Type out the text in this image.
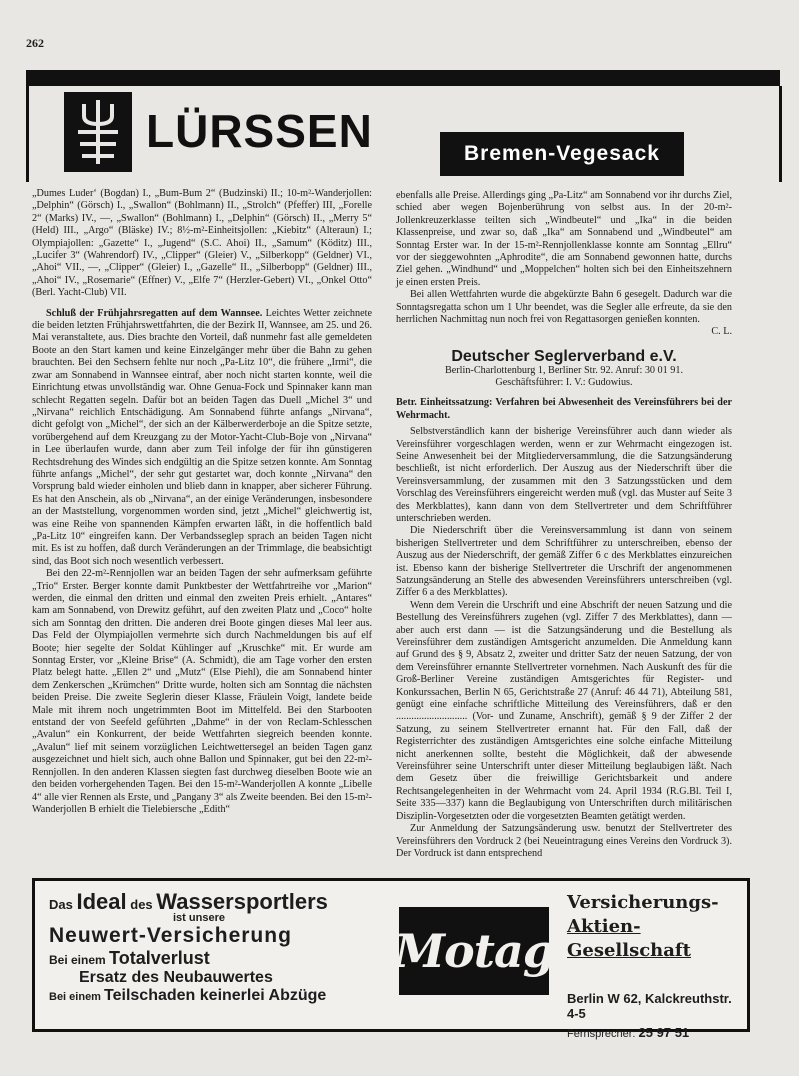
262
LÜRSSEN	Bremen-Vegesack

„Dumes Luder‘ (Bogdan) I., „Bum-Bum 2“ (Budzinski) II.; 10-m²-Wanderjollen: „Delphin“ (Görsch) I., „Swallon“ (Bohlmann) II., „Strolch“ (Pfeffer) III, „Forelle 2“ (Marks) IV., —, „Swallon“ (Bohlmann) I., „Delphin“ (Görsch) II., „Merry 5“ (Held) III., „Argo“ (Bläske) IV.; 8½-m²-Einheitsjollen: „Kiebitz“ (Alteraun) I.; Olympiajollen: „Gazette“ I., „Jugend“ (S.C. Ahoi) II., „Samum“ (Köditz) III., „Lucifer 3“ (Wahrendorf) IV., „Clipper“ (Gleier) V., „Silberkopp“ (Geldner) VI., „Ahoi“ VII., —, „Clipper“ (Gleier) I., „Gazelle“ II., „Silberbopp“ (Geldner) III., „Ahoi“ IV., „Rosemarie“ (Effner) V., „Elfe 7“ (Herzler-Gebert) VI., „Onkel Otto“ (Berl. Yacht-Club) VII.

Schluß der Frühjahrsregatten auf dem Wannsee. Leichtes Wetter zeichnete die beiden letzten Frühjahrswettfahrten, die der Bezirk II, Wannsee, am 25. und 26. Mai veranstaltete, aus. Dies brachte den Vorteil, daß nunmehr fast alle gemeldeten Boote an den Start kamen und keine Einzelgänger mehr über die Bahn zu gehen brauchten. Bei den Sechsern fehlte nur noch „Pa-Litz 10“, die frühere „Irmi“, die zwar am Sonnabend in Wannsee eintraf, aber noch nicht starten konnte, weil die Einrichtung etwas unvollständig war. Ohne Genua-Fock und Spinnaker kann man schlecht Regatten segeln. Dafür bot an beiden Tagen das Duell „Michel 3“ und „Nirvana“ reichlich Entschädigung. Am Sonnabend führte anfangs „Nirvana“, dicht gefolgt von „Michel“, der sich an der Kälberwerderboje an die Spitze setzte, vorübergehend auf dem Kreuzgang zu der Motor-Yacht-Club-Boje von „Nirvana“ in Lee überlaufen wurde, dann aber zum Teil infolge der für ihn günstigeren Rechtsdrehung des Windes sich endgültig an die Spitze setzen konnte. Am Sonntag führte anfangs „Michel“, der sehr gut gestartet war, doch konnte „Nirvana“ den Vorsprung bald wieder einholen und blieb dann in knapper, aber sicherer Führung. Es hat den Anschein, als ob „Nirvana“, an der einige Veränderungen, insbesondere an der Maststellung, vorgenommen worden sind, jetzt „Michel“ gleichwertig ist, was eine Reihe von spannenden Kämpfen erwarten läßt, in die hoffentlich bald „Pa-Litz 10“ eingreifen kann. Der Verbandsseglер sprach an beiden Tagen nicht mit. Es ist zu hoffen, daß durch Veränderungen an der Trimmlage, die beabsichtigt sind, das Boot sich noch wesentlich verbessert.

Bei den 22-m²-Rennjollen war an beiden Tagen der sehr aufmerksam geführte „Trio“ Erster. Berger konnte damit Punktbester der Wettfahrtreihe vor „Marion“ werden, die einmal den dritten und einmal den zweiten Preis erhielt. „Antares“ kam am Sonnabend, von Drewitz geführt, auf den zweiten Platz und „Coco“ holte sich am Sonntag den dritten. Die anderen drei Boote gingen dieses Mal leer aus. Das Feld der Olympiajollen vermehrte sich durch Nachmeldungen bis auf elf Boote; hier segelte der Soldat Kühlinger auf „Kruschke“ mit. Er wurde am Sonntag Erster, vor „Kleine Brise“ (A. Schmidt), die am Tage vorher den ersten Platz belegt hatte. „Ellen 2“ und „Mutz“ (Else Piehl), die am Sonnabend hinter dem Zenkerschen „Krümchen“ Dritte wurde, holten sich am Sonntag die nächsten beiden Preise. Die zweite Seglerin dieser Klasse, Fräulein Voigt, landete beide Male mit ihrem noch ungetrimmten Boot im Mittelfeld. Bei den Starbooten entstand der von Seefeld geführten „Dahme“ in der von Reclam-Schlesschen „Avalun“ ein Konkurrent, der beide Wettfahrten siegreich beenden konnte. „Avalun“ lief mit seinem vorzüglichen Leichtwettersegel an beiden Tagen ganz ausgezeichnet und hielt sich, auch ohne Ballon und Spinnaker, gut bei den 22-m²-Rennjollen. In den anderen Klassen siegten fast durchweg dieselben Boote wie an den beiden vorhergehenden Tagen. Bei den 15-m²-Wanderjollen A konnte „Libelle 4“ alle vier Rennen als Erste, und „Pangany 3“ als Zweite beenden. Bei den 15-m²-Wanderjollen B erhielt die Tielebiersche „Edith“

ebenfalls alle Preise. Allerdings ging „Pa-Litz“ am Sonnabend vor ihr durchs Ziel, schied aber wegen Bojenberührung von selbst aus. In der 20-m²-Jollenkreuzerklasse teilten sich „Windbeutel“ und „Ika“ in die beiden Klassenpreise, und zwar so, daß „Ika“ am Sonnabend und „Windbeutel“ am Sonntag Erster war. In der 15-m²-Rennjollenklasse konnte am Sonntag „Ellru“ vor der sieggewohnten „Aphrodite“, die am Sonnabend gewonnen hatte, durchs Ziel gehen. „Windhund“ und „Moppelchen“ holten sich bei den Einheitszehnern je einen ersten Preis.

Bei allen Wettfahrten wurde die abgekürzte Bahn 6 gesegelt. Dadurch war die Sonntagsregatta schon um 1 Uhr beendet, was die Segler alle erfreute, da sie den herrlichen Nachmittag nun noch frei von Regattasorgen genießen konnten.

C. L.
Deutscher Seglerverband e.V.
Berlin-Charlottenburg 1, Berliner Str. 92. Anruf: 30 01 91.
Geschäftsführer: I. V.: Gudowius.
Betr. Einheitssatzung: Verfahren bei Abwesenheit des Vereinsführers bei der Wehrmacht.

Selbstverständlich kann der bisherige Vereinsführer auch dann wieder als Vereinsführer vorgeschlagen werden, wenn er zur Wehrmacht eingezogen ist. Seine Anwesenheit bei der Mitgliederversammlung, die die Satzungsänderung beschließt, ist nicht erforderlich. Der Auszug aus der Niederschrift über die Vereinsversammlung, der zusammen mit den 3 Satzungsstücken und dem Vorschlag des Vereinsführers eingereicht werden muß (vgl. das Muster auf Seite 3 des Merkblattes), kann dann von dem Stellvertreter und dem Schriftführer unterschrieben werden.

Die Niederschrift über die Vereinsversammlung ist dann von seinem bisherigen Stellvertreter und dem Schriftführer zu unterschreiben, ebenso der Auszug aus der Niederschrift, der gemäß Ziffer 6 c des Merkblattes einzureichen ist. Ebenso kann der bisherige Stellvertreter die Urschrift der angenommenen Satzungsänderung an Stelle des abwesenden Vereinsführers unterschreiben (vgl. Ziffer 6 a des Merkblattes).

Wenn dem Verein die Urschrift und eine Abschrift der neuen Satzung und die Bestellung des Vereinsführers zugehen (vgl. Ziffer 7 des Merkblattes), dann — aber auch erst dann — ist die Satzungsänderung und die Bestellung als Vereinsführer dem zuständigen Amtsgericht anzumelden. Die Anmeldung kann auf Grund des § 9, Absatz 2, zweiter und dritter Satz der neuen Satzung, der von dem Vereinsführer ernannte Stellvertreter vornehmen. Nach Auskunft des für die Groß-Berliner Vereine zuständigen Amtsgerichtes für Register- und Konkurssachen, Berlin N 65, Gerichtstraße 27 (Anruf: 46 44 71), Abteilung 581, genügt eine einfache schriftliche Mitteilung des Vereinsführers, daß er den ............................ (Vor- und Zuname, Anschrift), gemäß § 9 der Ziffer 2 der Satzung, zu seinem Stellvertreter ernannt hat. Für den Fall, daß der Registerrichter des zuständigen Amtsgerichtes eine solche einfache Mitteilung nicht anerkennen sollte, besteht die Möglichkeit, daß der abwesende Vereinsführer seine Unterschrift unter dieser Mitteilung beglaubigen läßt. Nach dem Gesetz über die freiwillige Gerichtsbarkeit und andere Rechtsangelegenheiten in der Wehrmacht vom 24. April 1934 (R.G.Bl. Teil I, Seite 335—337) kann die Beglaubigung von Unterschriften durch militärischen Disziplin-Vorgesetzten oder die vorgesetzten Beamten getätigt werden.

Zur Anmeldung der Satzungsänderung usw. benutzt der Stellvertreter des Vereinsführers den Vordruck 2 (bei Neueintragung eines Vereins den Vordruck 3). Der Vordruck ist dann entsprechend

Das Ideal des Wassersportlers
ist unsere
Neuwert-Versicherung
Bei einem Totalverlust
Ersatz des Neubauwertes
Bei einem Teilschaden keinerlei Abzüge
Motag
Versicherungs-
Aktien-Gesellschaft
Berlin W 62, Kalckreuthstr. 4-5
Fernsprecher: 25 97 51
